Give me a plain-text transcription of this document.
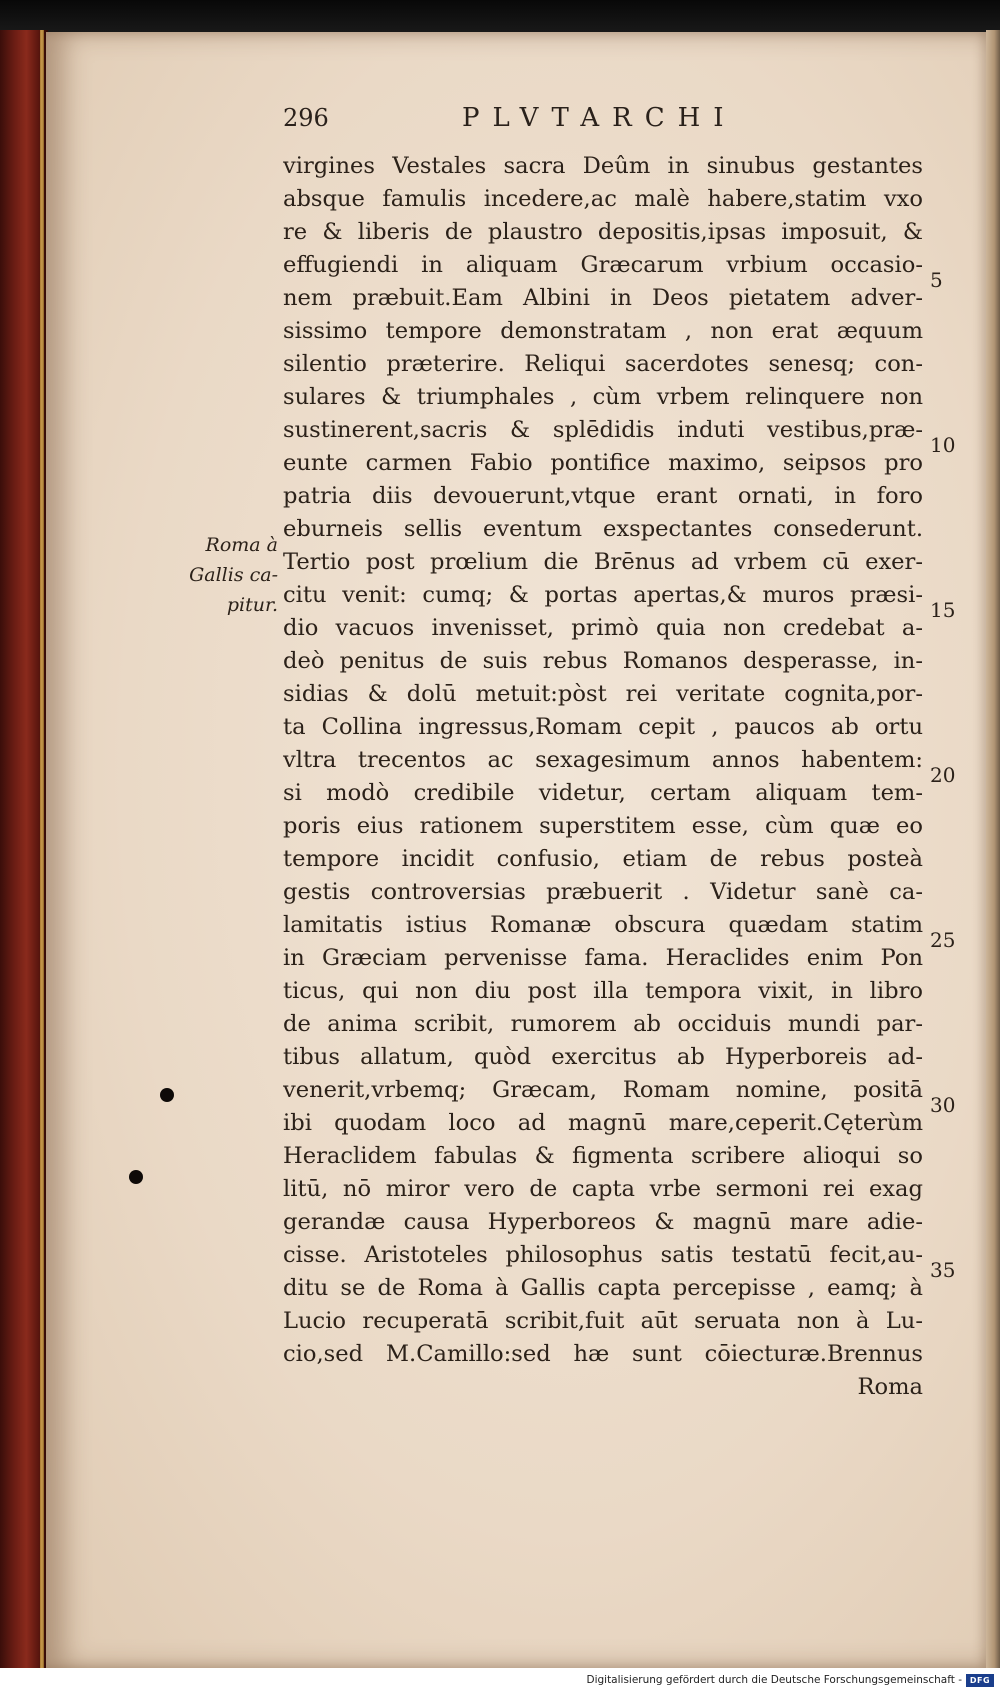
296	PLVTARCHI
virgines Vestales sacra Deûm in sinubus gestantes
absque famulis incedere,ac malè habere,statim vxo
re & liberis de plaustro depositis,ipsas imposuit, &
effugiendi in aliquam Græcarum vrbium occasio-
nem præbuit.Eam Albini in Deos pietatem adver-
sissimo tempore demonstratam , non erat æquum
silentio præterire. Reliqui sacerdotes senesq; con-
sulares & triumphales , cùm vrbem relinquere non
sustinerent,sacris & splēdidis induti vestibus,præ-
eunte carmen Fabio pontifice maximo, seipsos pro
patria diis devouerunt,vtque erant ornati, in foro
eburneis sellis eventum exspectantes consederunt.
Tertio post prœlium die Brēnus ad vrbem cū exer-
citu venit: cumq; & portas apertas,& muros præsi-
dio vacuos invenisset, primò quia non credebat a-
deò penitus de suis rebus Romanos desperasse, in-
sidias & dolū metuit:pòst rei veritate cognita,por-
ta Collina ingressus,Romam cepit , paucos ab ortu
vltra trecentos ac sexagesimum annos habentem:
si modò credibile videtur, certam aliquam tem-
poris eius rationem superstitem esse, cùm quæ eo
tempore incidit confusio, etiam de rebus posteà
gestis controversias præbuerit . Videtur sanè ca-
lamitatis istius Romanæ obscura quædam statim
in Græciam pervenisse fama. Heraclides enim Pon
ticus, qui non diu post illa tempora vixit, in libro
de anima scribit, rumorem ab occiduis mundi par-
tibus allatum, quòd exercitus ab Hyperboreis ad-
venerit,vrbemq; Græcam, Romam nomine, positā
ibi quodam loco ad magnū mare,ceperit.Cęterùm
Heraclidem fabulas & figmenta scribere alioqui so
litū, nō miror vero de capta vrbe sermoni rei exag
gerandæ causa Hyperboreos & magnū mare adie-
cisse. Aristoteles philosophus satis testatū fecit,au-
ditu se de Roma à Gallis capta percepisse , eamq; à
Lucio recuperatā scribit,fuit aūt seruata non à Lu-
cio,sed M.Camillo:sed hæ sunt cōiecturæ.Brennus
Roma
Roma à
Gallis ca-
pitur.
5
10
15
20
25
30
35
Digitalisierung gefördert durch die Deutsche Forschungsgemeinschaft - DFG
